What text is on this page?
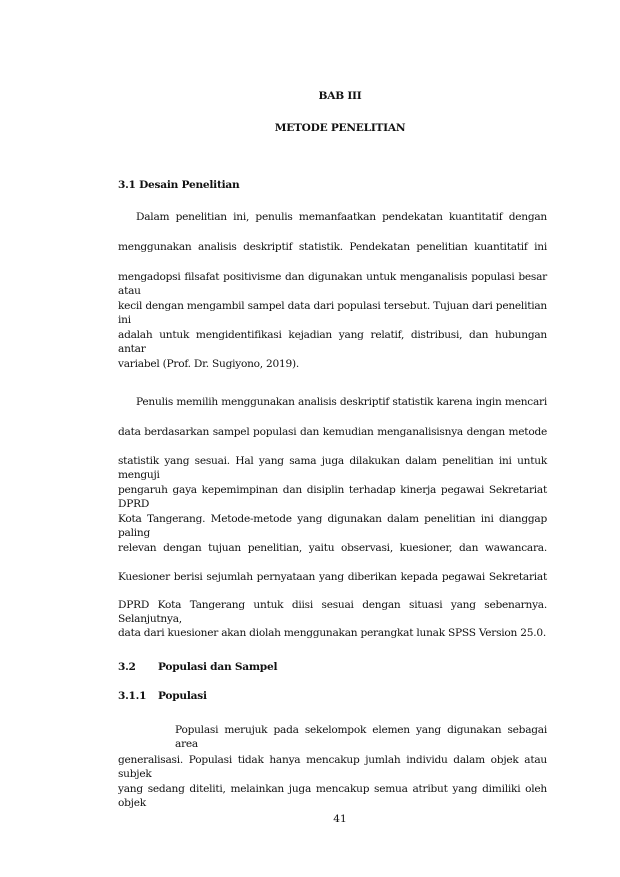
BAB III
METODE PENELITIAN
3.1 Desain Penelitian
Dalam penelitian ini, penulis memanfaatkan pendekatan kuantitatif dengan
menggunakan analisis deskriptif statistik. Pendekatan penelitian kuantitatif ini
mengadopsi filsafat positivisme dan digunakan untuk menganalisis populasi besar atau
kecil dengan mengambil sampel data dari populasi tersebut. Tujuan dari penelitian ini
adalah untuk mengidentifikasi kejadian yang relatif, distribusi, dan hubungan antar
variabel (Prof. Dr. Sugiyono, 2019).
Penulis memilih menggunakan analisis deskriptif statistik karena ingin mencari
data berdasarkan sampel populasi dan kemudian menganalisisnya dengan metode
statistik yang sesuai. Hal yang sama juga dilakukan dalam penelitian ini untuk menguji
pengaruh gaya kepemimpinan dan disiplin terhadap kinerja pegawai Sekretariat DPRD
Kota Tangerang. Metode-metode yang digunakan dalam penelitian ini dianggap paling
relevan dengan tujuan penelitian, yaitu observasi, kuesioner, dan wawancara.
Kuesioner berisi sejumlah pernyataan yang diberikan kepada pegawai Sekretariat
DPRD Kota Tangerang untuk diisi sesuai dengan situasi yang sebenarnya. Selanjutnya,
data dari kuesioner akan diolah menggunakan perangkat lunak SPSS Version 25.0.
3.2 Populasi dan Sampel
3.1.1 Populasi
Populasi merujuk pada sekelompok elemen yang digunakan sebagai area
generalisasi. Populasi tidak hanya mencakup jumlah individu dalam objek atau subjek
yang sedang diteliti, melainkan juga mencakup semua atribut yang dimiliki oleh objek
41
